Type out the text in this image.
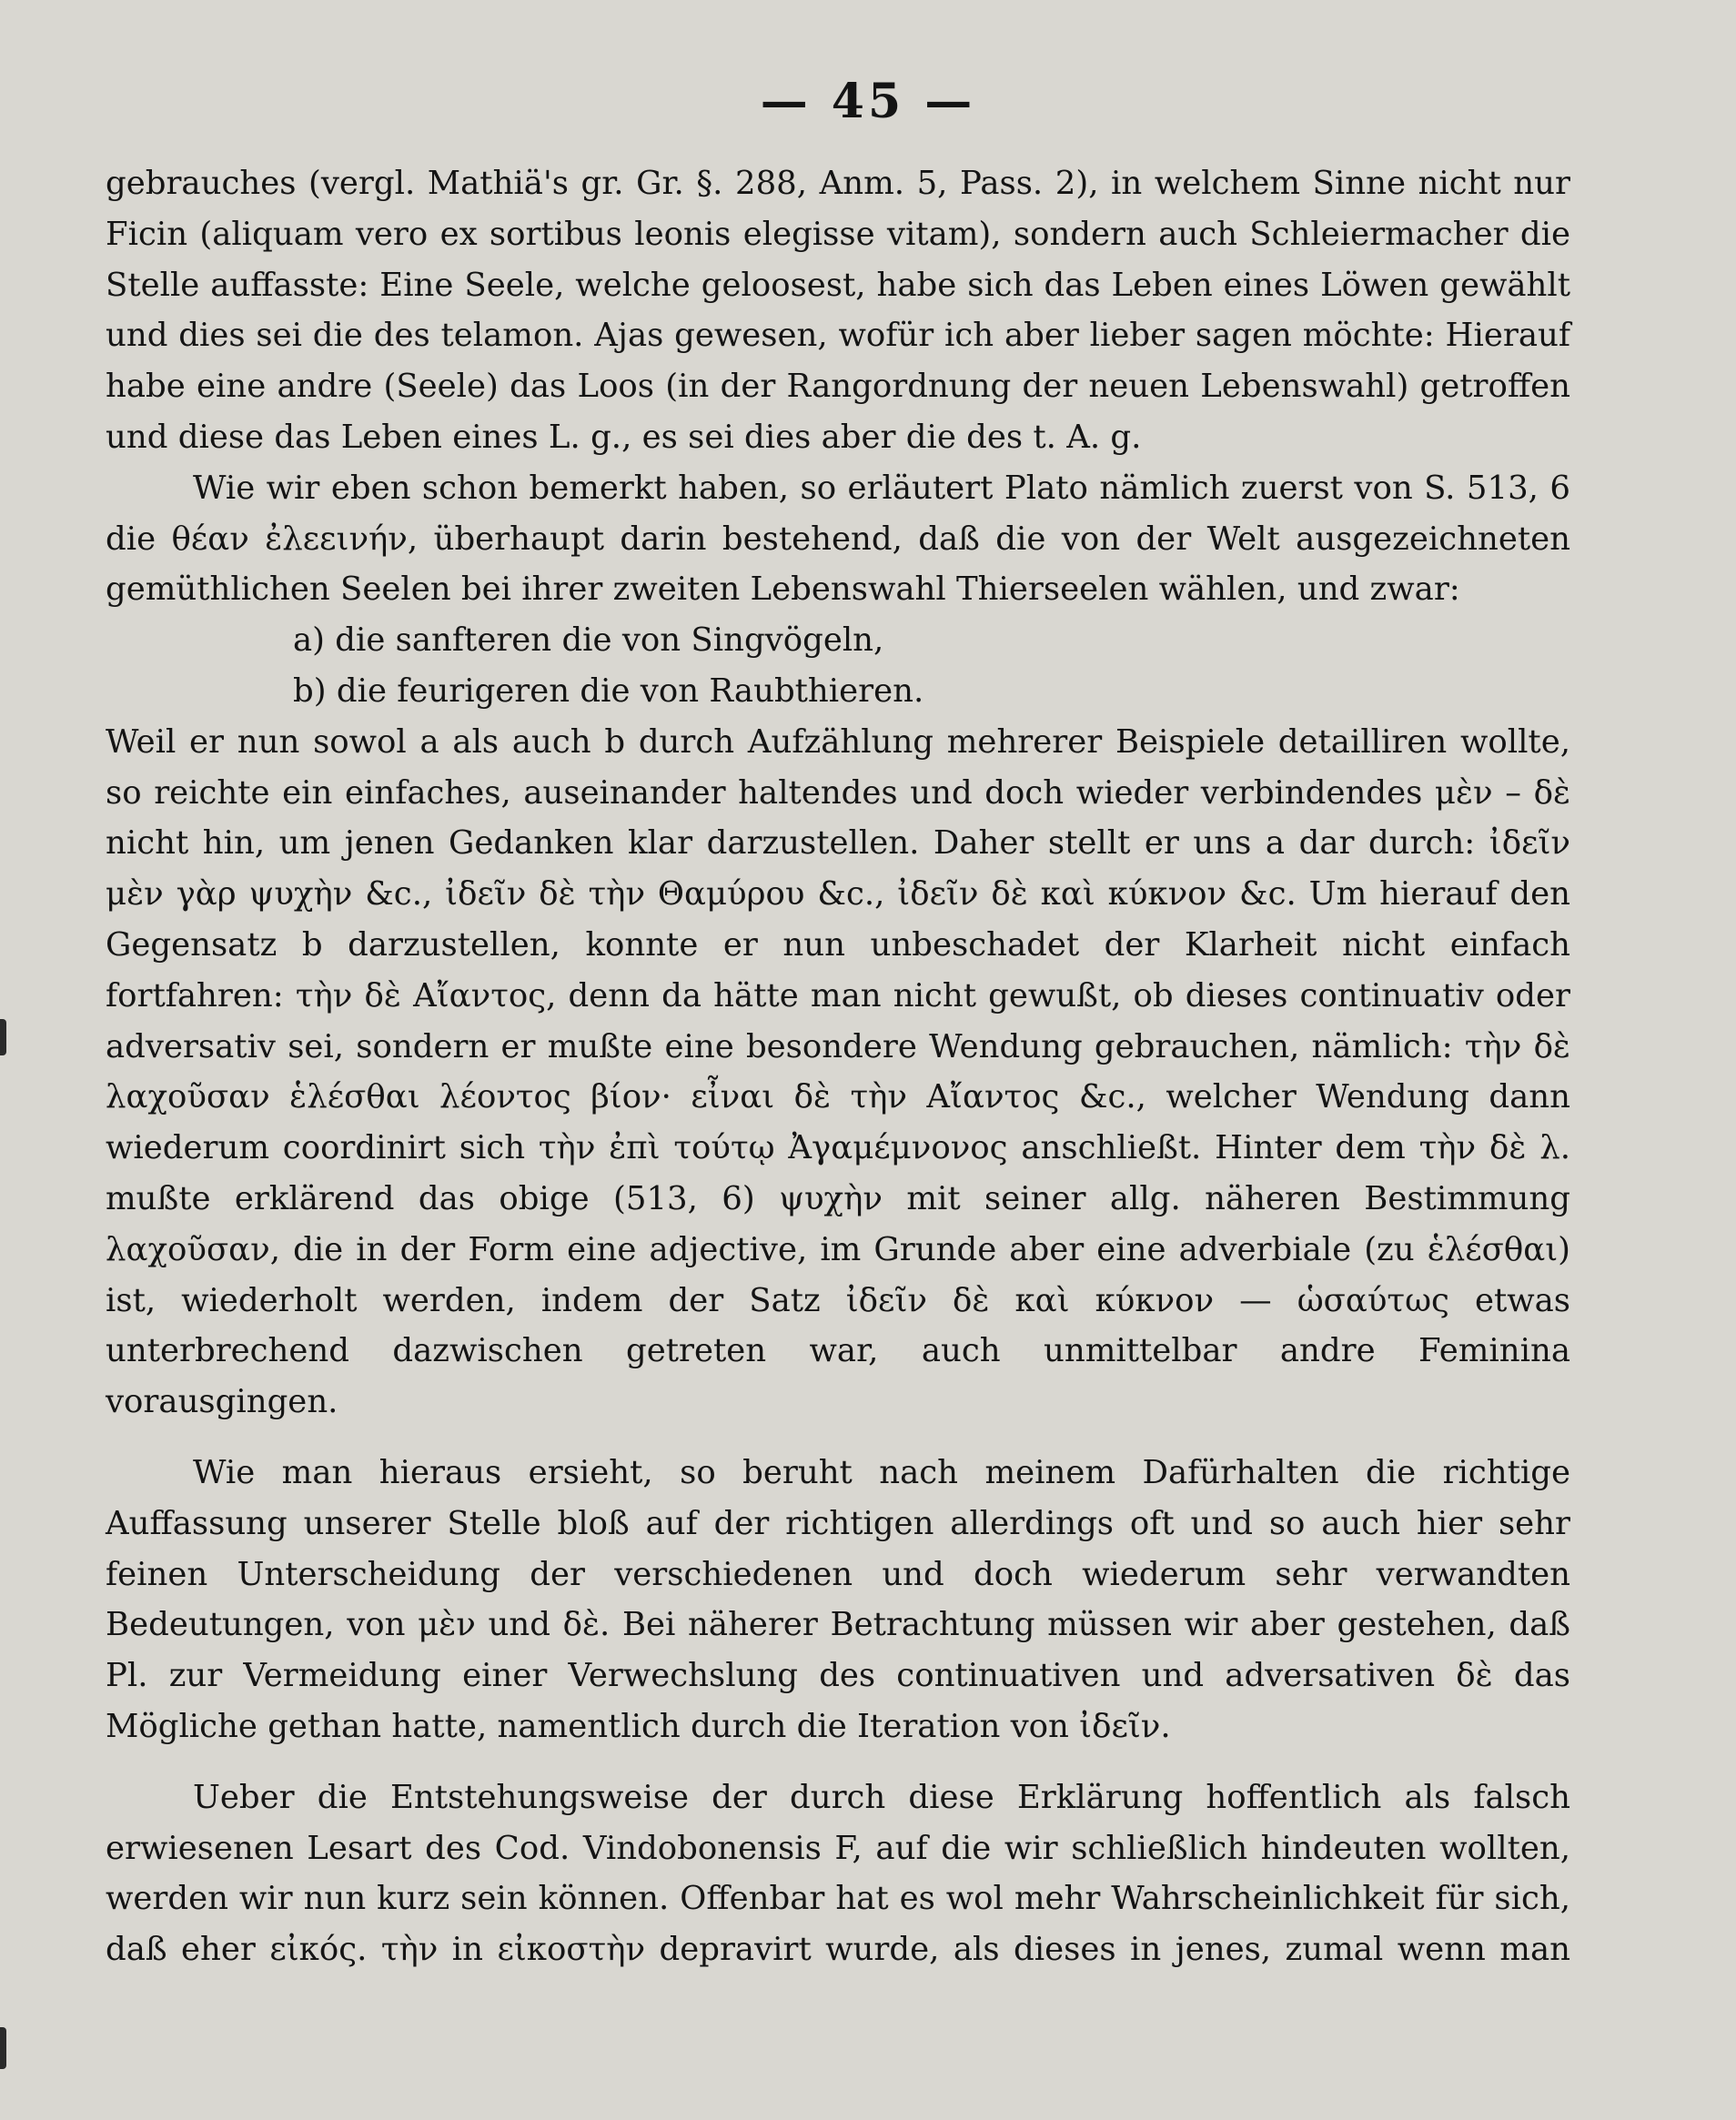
— 45 —

gebrauches (vergl. Mathiä's gr. Gr. §. 288, Anm. 5, Pass. 2), in welchem Sinne nicht nur Ficin (aliquam vero ex sortibus leonis elegisse vitam), sondern auch Schleiermacher die Stelle auffasste: Eine Seele, welche geloosest, habe sich das Leben eines Löwen gewählt und dies sei die des telamon. Ajas gewesen, wofür ich aber lieber sagen möchte: Hierauf habe eine andre (Seele) das Loos (in der Rangordnung der neuen Lebenswahl) getroffen und diese das Leben eines L. g., es sei dies aber die des t. A. g.

Wie wir eben schon bemerkt haben, so erläutert Plato nämlich zuerst von S. 513, 6 die θέαν ἐλεεινήν, überhaupt darin bestehend, daß die von der Welt ausgezeichneten gemüthlichen Seelen bei ihrer zweiten Lebenswahl Thierseelen wählen, und zwar:

a) die sanfteren die von Singvögeln,

b) die feurigeren die von Raubthieren.

Weil er nun sowol a als auch b durch Aufzählung mehrerer Beispiele detailliren wollte, so reichte ein einfaches, auseinander haltendes und doch wieder verbindendes μὲν – δὲ nicht hin, um jenen Gedanken klar darzustellen. Daher stellt er uns a dar durch: ἰδεῖν μὲν γὰρ ψυχὴν &c., ἰδεῖν δὲ τὴν Θαμύρου &c., ἰδεῖν δὲ καὶ κύκνον &c. Um hierauf den Gegensatz b darzustellen, konnte er nun unbeschadet der Klarheit nicht einfach fortfahren: τὴν δὲ Αἴαντος, denn da hätte man nicht gewußt, ob dieses continuativ oder adversativ sei, sondern er mußte eine besondere Wendung gebrauchen, nämlich: τὴν δὲ λαχοῦσαν ἑλέσθαι λέοντος βίον· εἶναι δὲ τὴν Αἴαντος &c., welcher Wendung dann wiederum coordinirt sich τὴν ἐπὶ τούτῳ Ἀγαμέμνονος anschließt. Hinter dem τὴν δὲ λ. mußte erklärend das obige (513, 6) ψυχὴν mit seiner allg. näheren Bestimmung λαχοῦσαν, die in der Form eine adjective, im Grunde aber eine adverbiale (zu ἑλέσθαι) ist, wiederholt werden, indem der Satz ἰδεῖν δὲ καὶ κύκνον — ὡσαύτως etwas unterbrechend dazwischen getreten war, auch unmittelbar andre Feminina vorausgingen.

Wie man hieraus ersieht, so beruht nach meinem Dafürhalten die richtige Auffassung unserer Stelle bloß auf der richtigen allerdings oft und so auch hier sehr feinen Unterscheidung der verschiedenen und doch wiederum sehr verwandten Bedeutungen, von μὲν und δὲ. Bei näherer Betrachtung müssen wir aber gestehen, daß Pl. zur Vermeidung einer Verwechslung des continuativen und adversativen δὲ das Mögliche gethan hatte, namentlich durch die Iteration von ἰδεῖν.

Ueber die Entstehungsweise der durch diese Erklärung hoffentlich als falsch erwiesenen Lesart des Cod. Vindobonensis F, auf die wir schließlich hindeuten wollten, werden wir nun kurz sein können. Offenbar hat es wol mehr Wahrscheinlichkeit für sich, daß eher εἰκός. τὴν in εἰκοστὴν depravirt wurde, als dieses in jenes, zumal wenn man
